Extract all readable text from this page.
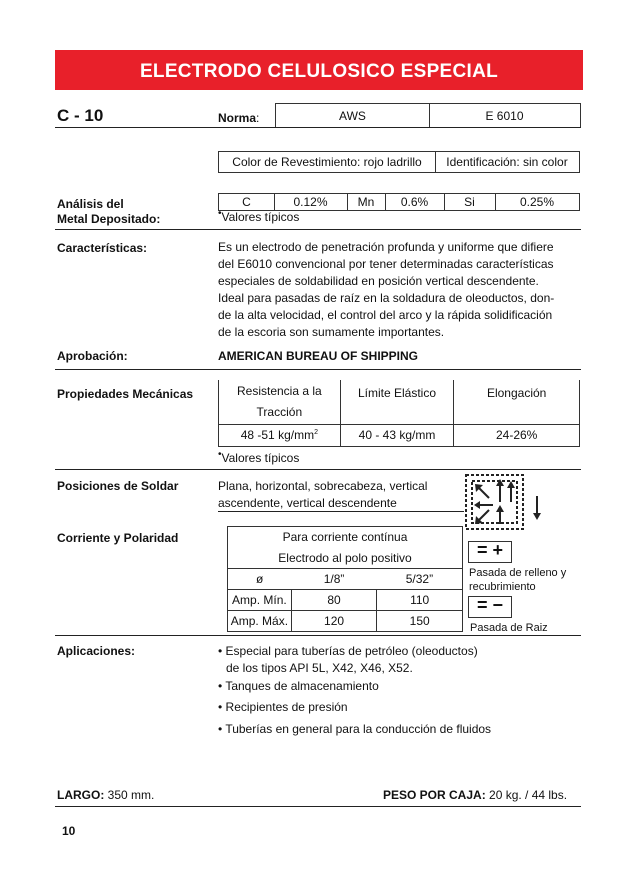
ELECTRODO CELULOSICO ESPECIAL
C - 10	Norma:	AWS	E 6010
Color de Revestimiento: rojo ladrillo	Identificación: sin color
Análisis del
Metal Depositado:
C	0.12%	Mn	0.6%	Si	0.25%
•Valores típicos
Características:	Es un electrodo de penetración profunda y uniforme que difiere
del E6010 convencional por tener determinadas características
especiales de soldabilidad en posición vertical descendente.
Ideal para pasadas de raíz en la soldadura de oleoductos, don-
de la alta velocidad, el control del arco y la rápida solidificación
de la escoria son sumamente importantes.
Aprobación:	AMERICAN BUREAU OF SHIPPING
Propiedades Mecánicas	Resistencia a la
Tracción	Límite Elástico	Elongación
48 -51 $kg/mm^2$	40 - 43 kg/mm	24-26%
•Valores típicos
Posiciones de Soldar	Plana, horizontal, sobrecabeza, vertical
ascendente, vertical descendente
Corriente y Polaridad	Para corriente contínua		
Electrodo al polo positivo		
ø	1/8”	5/32”
Amp. Mín.	80	110
Amp. Máx.	120	150
= +
Pasada de relleno y
recubrimiento
= −
Pasada de Raiz
Aplicaciones:	• Especial para tuberías de petróleo (oleoductos)
de los tipos API 5L, X42, X46, X52.
• Tanques de almacenamiento
• Recipientes de presión
• Tuberías en general para la conducción de fluidos
LARGO: 350 mm.	PESO POR CAJA: 20 kg. / 44 lbs.
10
